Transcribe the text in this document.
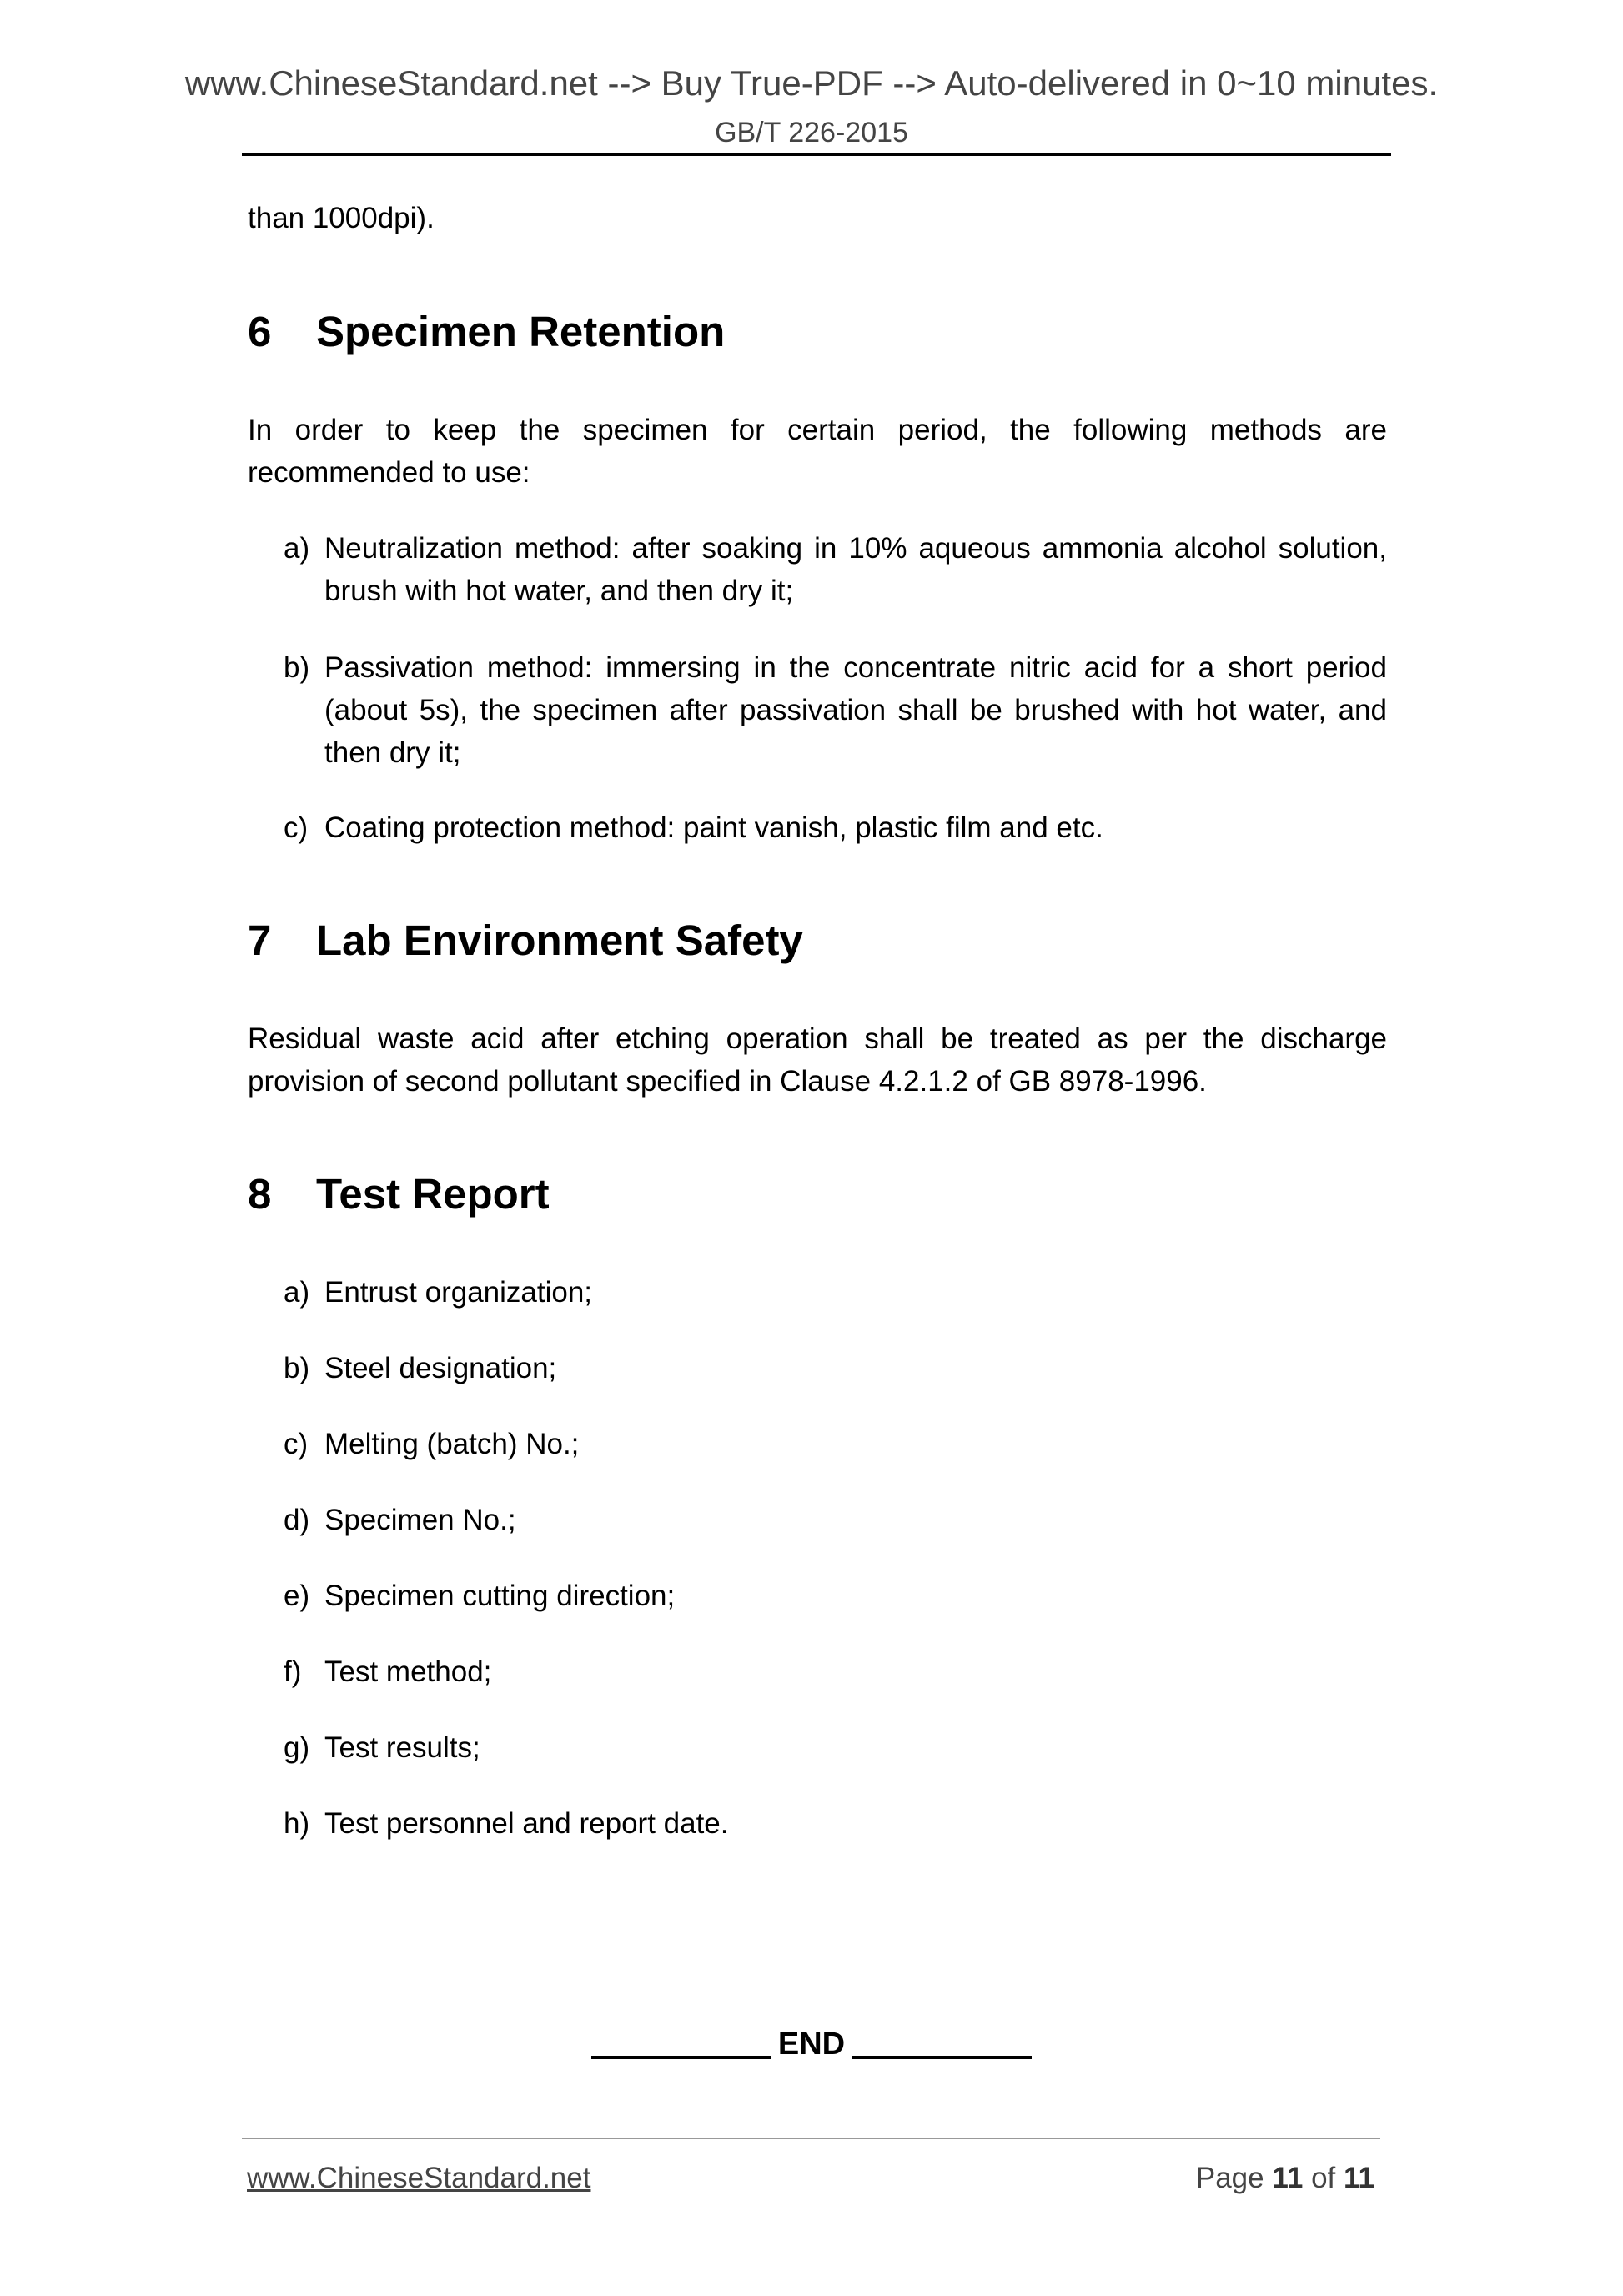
www.ChineseStandard.net --> Buy True-PDF --> Auto-delivered in 0~10 minutes.
GB/T 226-2015
than 1000dpi).
6 Specimen Retention
In order to keep the specimen for certain period, the following methods are recommended to use:
a) Neutralization method: after soaking in 10% aqueous ammonia alcohol solution, brush with hot water, and then dry it;
b) Passivation method: immersing in the concentrate nitric acid for a short period (about 5s), the specimen after passivation shall be brushed with hot water, and then dry it;
c) Coating protection method: paint vanish, plastic film and etc.
7 Lab Environment Safety
Residual waste acid after etching operation shall be treated as per the discharge provision of second pollutant specified in Clause 4.2.1.2 of GB 8978-1996.
8 Test Report
a) Entrust organization;
b) Steel designation;
c) Melting (batch) No.;
d) Specimen No.;
e) Specimen cutting direction;
f) Test method;
g) Test results;
h) Test personnel and report date.
END
www.ChineseStandard.net	Page 11 of 11
